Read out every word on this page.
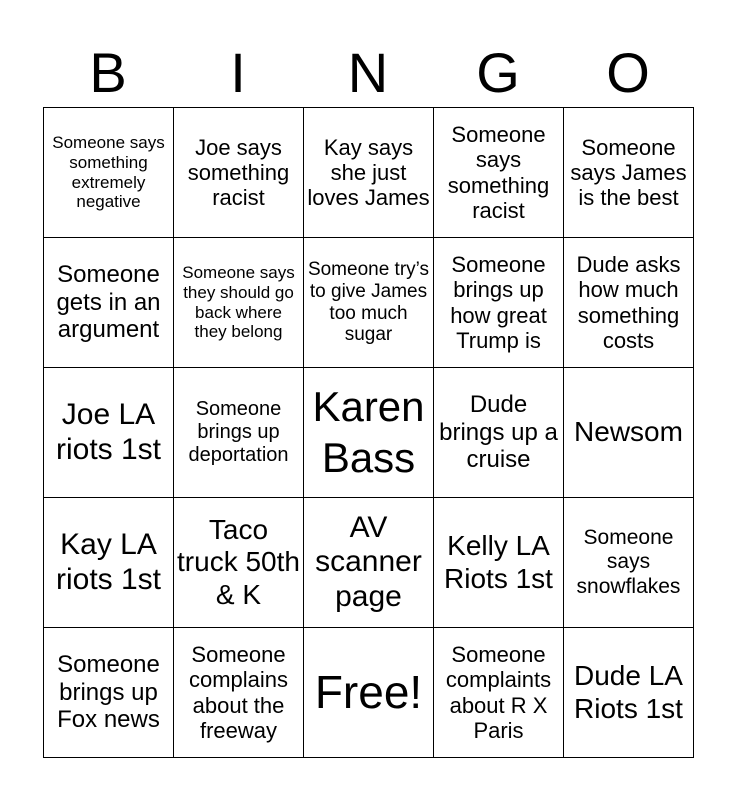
B	I	N	G	O
Someone says something extremely negative	Joe says something racist	Kay says she just loves James	Someone says something racist	Someone says James is the best

Someone gets in an argument	Someone says they should go back where they belong	Someone try’s to give James too much sugar	Someone brings up how great Trump is	Dude asks how much something costs

Joe LA riots 1st	Someone brings up deportation	Karen Bass	Dude brings up a cruise	Newsom

Kay LA riots 1st	Taco truck 50th & K	AV scanner page	Kelly LA Riots 1st	Someone says snowflakes

Someone brings up Fox news	Someone complains about the freeway	Free!	Someone complaints about R X Paris	Dude LA Riots 1st
